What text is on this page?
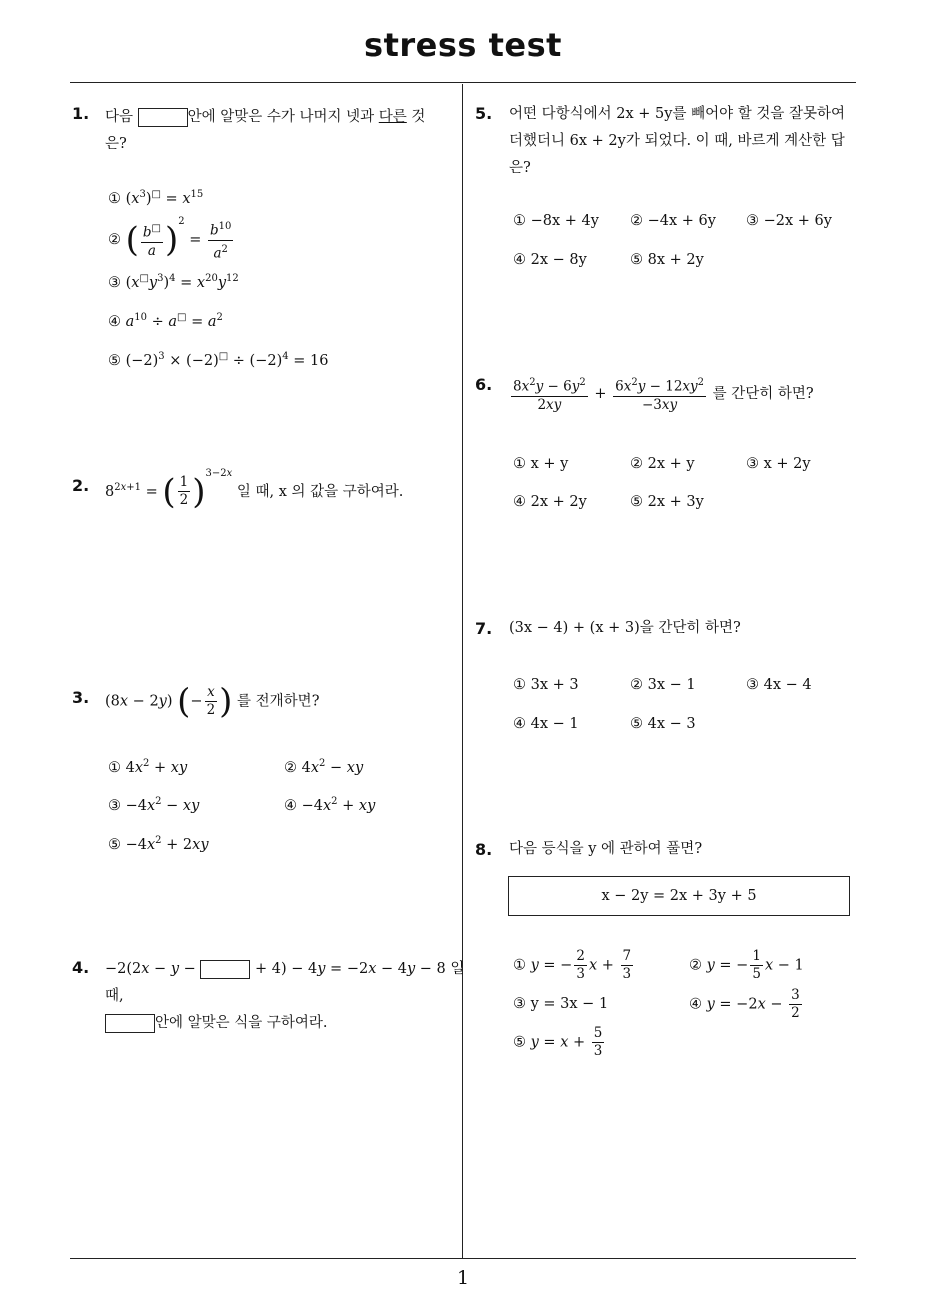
stress test
1
1. 다음	안에 알맞은 수가 나머지 넷과 다른 것
은?
① $(x^3)^□ = x^{15}$
② ( $\frac{b^□}{a} )^2 = \frac{b^{10}}{a^2}$
③ $(x^□y^3)^4 = x^{20}y^{12}$
④ $a^{10} \div a^□ = a^2$
⑤ $(-2)^3 \times (-2)^□ \div (-2)^4 = 16$
2. $8^{2x+1}$ = ( $\frac{1}{2} )^{3-2x}$ 일 때, x 의 값을 구하여라.
3. (8x − 2y) (− $\frac{x}{2}$ ) 를 전개하면?
① $4x^2$ + xy	② $4x^2$ − xy
③ $-4x^2$ − xy	④ $-4x^2$ + xy
⑤ $-4x^2 + 2xy$
4. −2(2x − y −	+ 4) − 4y = −2x − 4y − 8 일 때,
안에 알맞은 식을 구하여라.
5. 어떤 다항식에서 2x + 5y를 빼어야 할 것을 잘못하여
더했더니 6x + 2y가 되었다. 이 때, 바르게 계산한 답
은?
① −8x + 4y ② −4x + 6y ③ −2x + 6y
④ 2x − 8y	⑤ 8x + 2y
6. $\frac{8x^2y - 6y^2}{2xy} + \frac{6x^2y - 12xy^2}{-3xy}$ 를 간단히 하면?
① x + y	② 2x + y	③ x + 2y
④ 2x + 2y	⑤ 2x + 3y
7. (3x − 4) + (x + 3)을 간단히 하면?
① 3x + 3	② 3x − 1	③ 4x − 4
④ 4x − 1	⑤ 4x − 3
8. 다음 등식을 y 에 관하여 풀면?
x − 2y = 2x + 3y + 5
① y = − $\frac{2}{3}$ $x + \frac{7}{3}$	② y = − $\frac{1}{5}$ x − 1
③ y = 3x − 1	④ $y = -2x - \frac{3}{2}$
⑤ $y = x + \frac{5}{3}$
